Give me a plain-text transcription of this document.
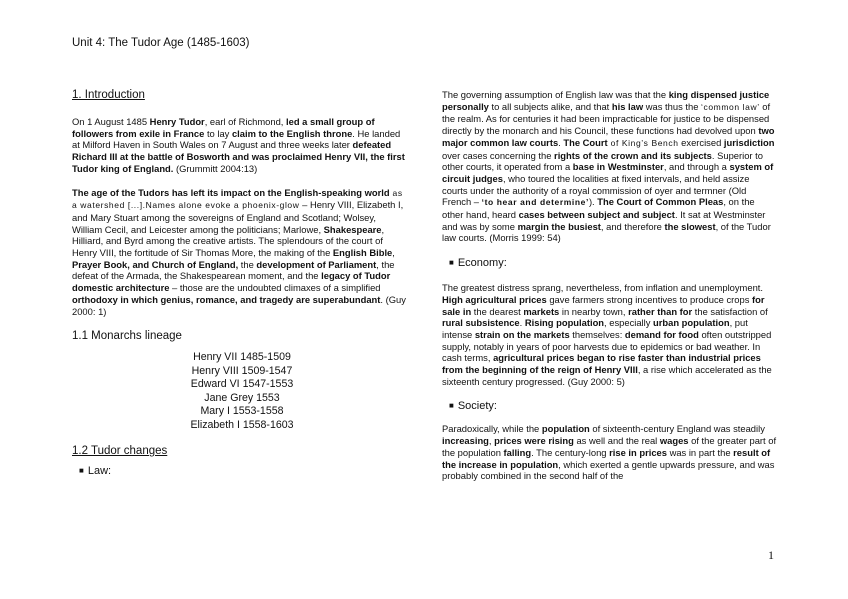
Unit 4: The Tudor Age (1485-1603)
1. Introduction

On 1 August 1485 Henry Tudor, earl of Richmond, led a small group of followers from exile in France to lay claim to the English throne. He landed at Milford Haven in South Wales on 7 August and three weeks later defeated Richard III at the battle of Bosworth and was proclaimed Henry VII, the first Tudor king of England. (Grummitt 2004:13)

The age of the Tudors has left its impact on the English-speaking world as a watershed [...].Names alone evoke a phoenix-glow – Henry VIII, Elizabeth I, and Mary Stuart among the sovereigns of England and Scotland; Wolsey, William Cecil, and Leicester among the politicians; Marlowe, Shakespeare, Hilliard, and Byrd among the creative artists. The splendours of the court of Henry VIII, the fortitude of Sir Thomas More, the making of the English Bible, Prayer Book, and Church of England, the development of Parliament, the defeat of the Armada, the Shakespearean moment, and the legacy of Tudor domestic architecture – those are the undoubted climaxes of a simplified orthodoxy in which genius, romance, and tragedy are superabundant. (Guy 2000: 1)

1.1 Monarchs lineage
Henry VII 1485-1509
Henry VIII 1509-1547
Edward VI 1547-1553
Jane Grey 1553
Mary I 1553-1558
Elizabeth I 1558-1603
1.2 Tudor changes
■ Law:

The governing assumption of English law was that the king dispensed justice personally to all subjects alike, and that his law was thus the ‘common law’ of the realm. As for centuries it had been impracticable for justice to be dispensed directly by the monarch and his Council, these functions had devolved upon two major common law courts. The Court of King’s Bench exercised jurisdiction over cases concerning the rights of the crown and its subjects. Superior to other courts, it operated from a base in Westminster, and through a system of circuit judges, who toured the localities at fixed intervals, and held assize courts under the authority of a royal commission of oyer and termner (Old French – ‘to hear and determine’). The Court of Common Pleas, on the other hand, heard cases between subject and subject. It sat at Westminster and was by some margin the busiest, and therefore the slowest, of the Tudor law courts. (Morris 1999: 54)

■ Economy:

The greatest distress sprang, nevertheless, from inflation and unemployment. High agricultural prices gave farmers strong incentives to produce crops for sale in the dearest markets in nearby town, rather than for the satisfaction of rural subsistence. Rising population, especially urban population, put intense strain on the markets themselves: demand for food often outstripped supply, notably in years of poor harvests due to epidemics or bad weather. In cash terms, agricultural prices began to rise faster than industrial prices from the beginning of the reign of Henry VIII, a rise which accelerated as the sixteenth century progressed. (Guy 2000: 5)

■ Society:

Paradoxically, while the population of sixteenth-century England was steadily increasing, prices were rising as well and the real wages of the greater part of the population falling. The century-long rise in prices was in part the result of the increase in population, which exerted a gentle upwards pressure, and was probably combined in the second half of the

1
